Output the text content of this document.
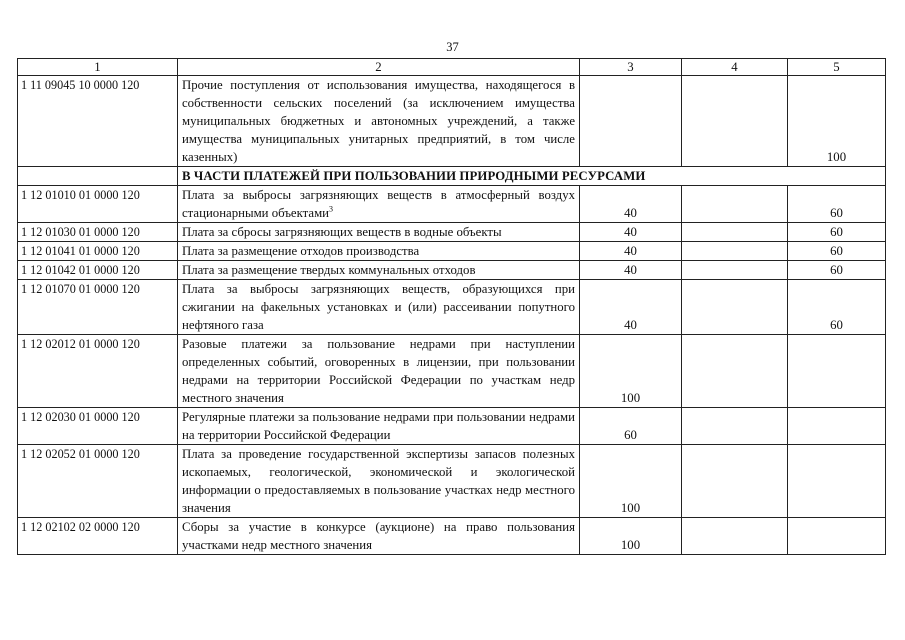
37
1	2	3	4	5
1 11 09045 10 0000 120	Прочие поступления от использования имущества, находящегося в собственности сельских поселений (за исключением имущества муниципальных бюджетных и автономных учреждений, а также имущества муниципальных унитарных предприятий, в том числе казенных)			100
	В ЧАСТИ ПЛАТЕЖЕЙ ПРИ ПОЛЬЗОВАНИИ ПРИРОДНЫМИ РЕСУРСАМИ			
1 12 01010 01 0000 120	Плата за выбросы загрязняющих веществ в атмосферный воздух стационарными объектами$^3$	40		60
1 12 01030 01 0000 120	Плата за сбросы загрязняющих веществ в водные объекты	40		60
1 12 01041 01 0000 120	Плата за размещение отходов производства	40		60
1 12 01042 01 0000 120	Плата за размещение твердых коммунальных отходов	40		60
1 12 01070 01 0000 120	Плата за выбросы загрязняющих веществ, образующихся при сжигании на факельных установках и (или) рассеивании попутного нефтяного газа	40		60
1 12 02012 01 0000 120	Разовые платежи за пользование недрами при наступлении определенных событий, оговоренных в лицензии, при пользовании недрами на территории Российской Федерации по участкам недр местного значения	100		
1 12 02030 01 0000 120	Регулярные платежи за пользование недрами при пользовании недрами на территории Российской Федерации	60		
1 12 02052 01 0000 120	Плата за проведение государственной экспертизы запасов полезных ископаемых, геологической, экономической и экологической информации о предоставляемых в пользование участках недр местного значения	100		
1 12 02102 02 0000 120	Сборы за участие в конкурсе (аукционе) на право пользования участками недр местного значения	100		
